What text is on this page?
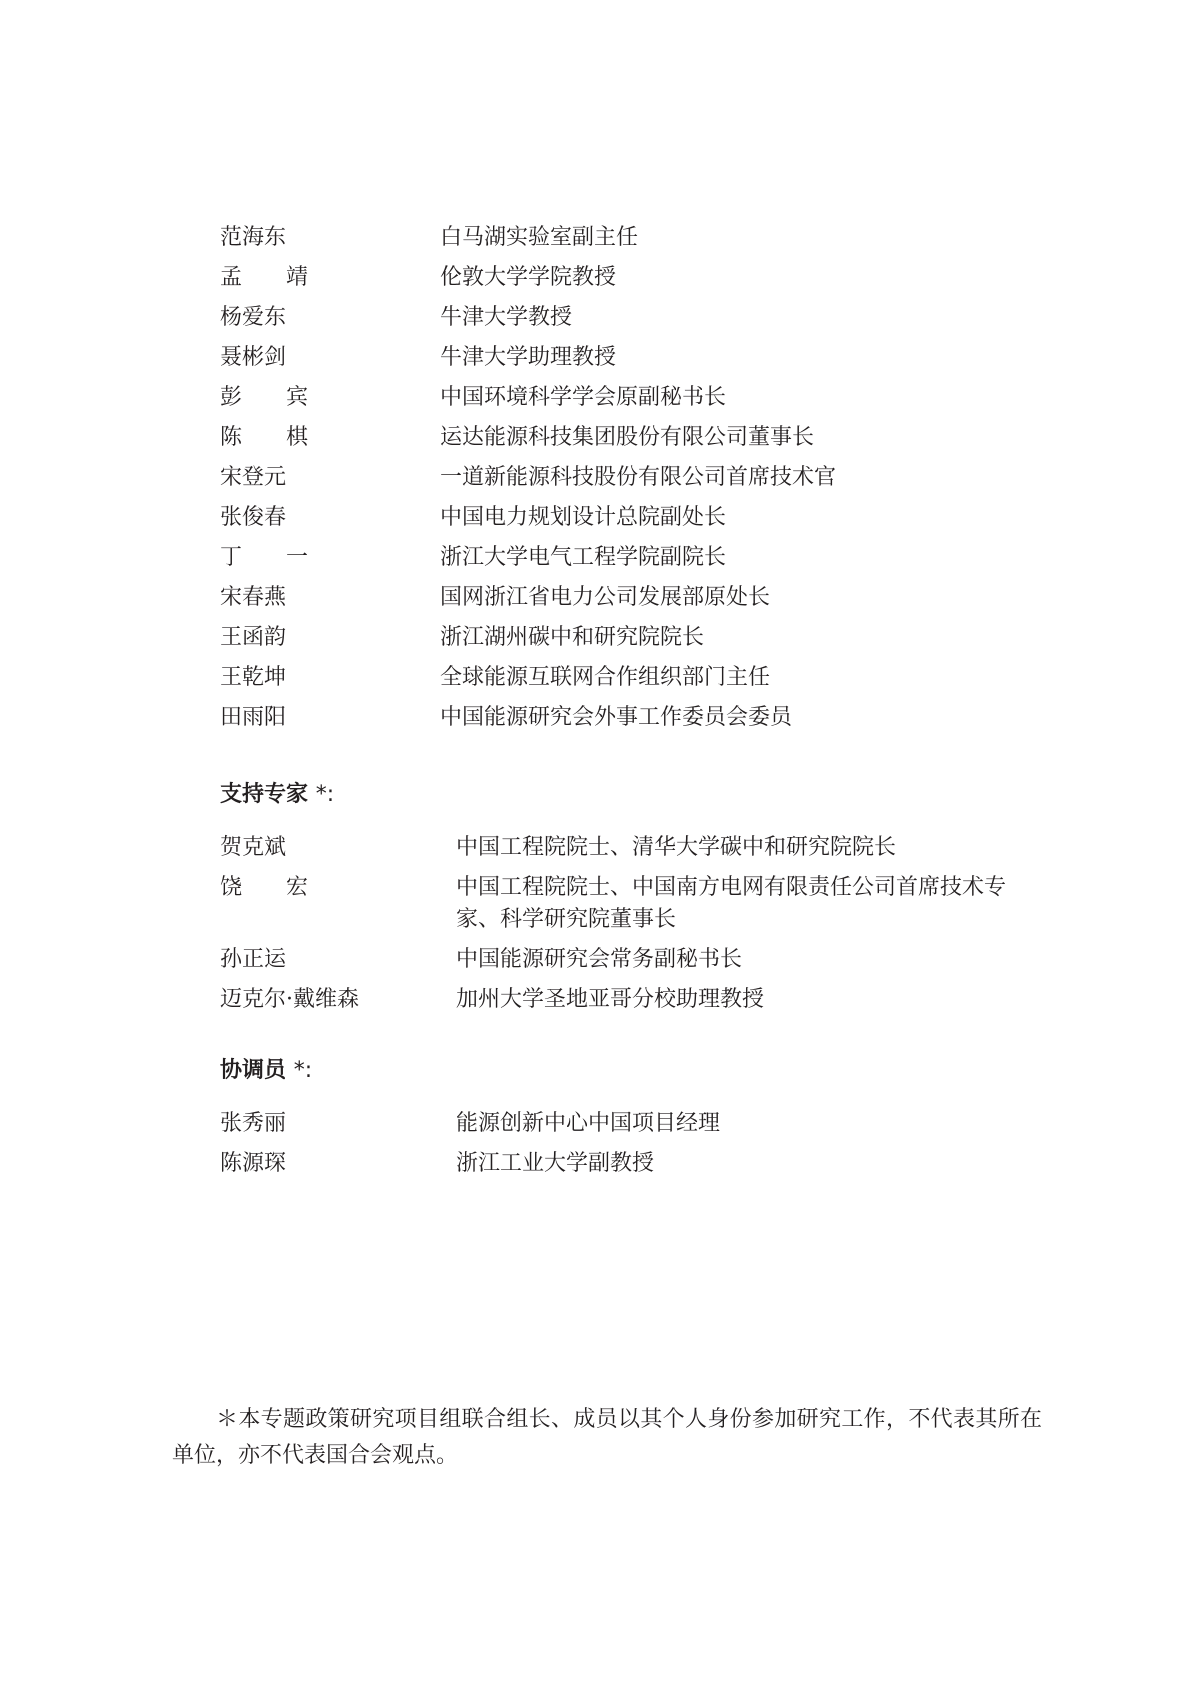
范海东	白马湖实验室副主任
孟 靖	伦敦大学学院教授
杨爱东	牛津大学教授
聂彬剑	牛津大学助理教授
彭 宾	中国环境科学学会原副秘书长
陈 棋	运达能源科技集团股份有限公司董事长
宋登元	一道新能源科技股份有限公司首席技术官
张俊春	中国电力规划设计总院副处长
丁 一	浙江大学电气工程学院副院长
宋春燕	国网浙江省电力公司发展部原处长
王函韵	浙江湖州碳中和研究院院长
王乾坤	全球能源互联网合作组织部门主任
田雨阳	中国能源研究会外事工作委员会委员
支持专家 *:
贺克斌	中国工程院院士、清华大学碳中和研究院院长
饶 宏	中国工程院院士、中国南方电网有限责任公司首席技术专家、科学研究院董事长
孙正运	中国能源研究会常务副秘书长
迈克尔·戴维森	加州大学圣地亚哥分校助理教授
协调员 *:
张秀丽	能源创新中心中国项目经理
陈源琛	浙江工业大学副教授

＊本专题政策研究项目组联合组长、成员以其个人身份参加研究工作，不代表其所在单位，亦不代表国合会观点。
